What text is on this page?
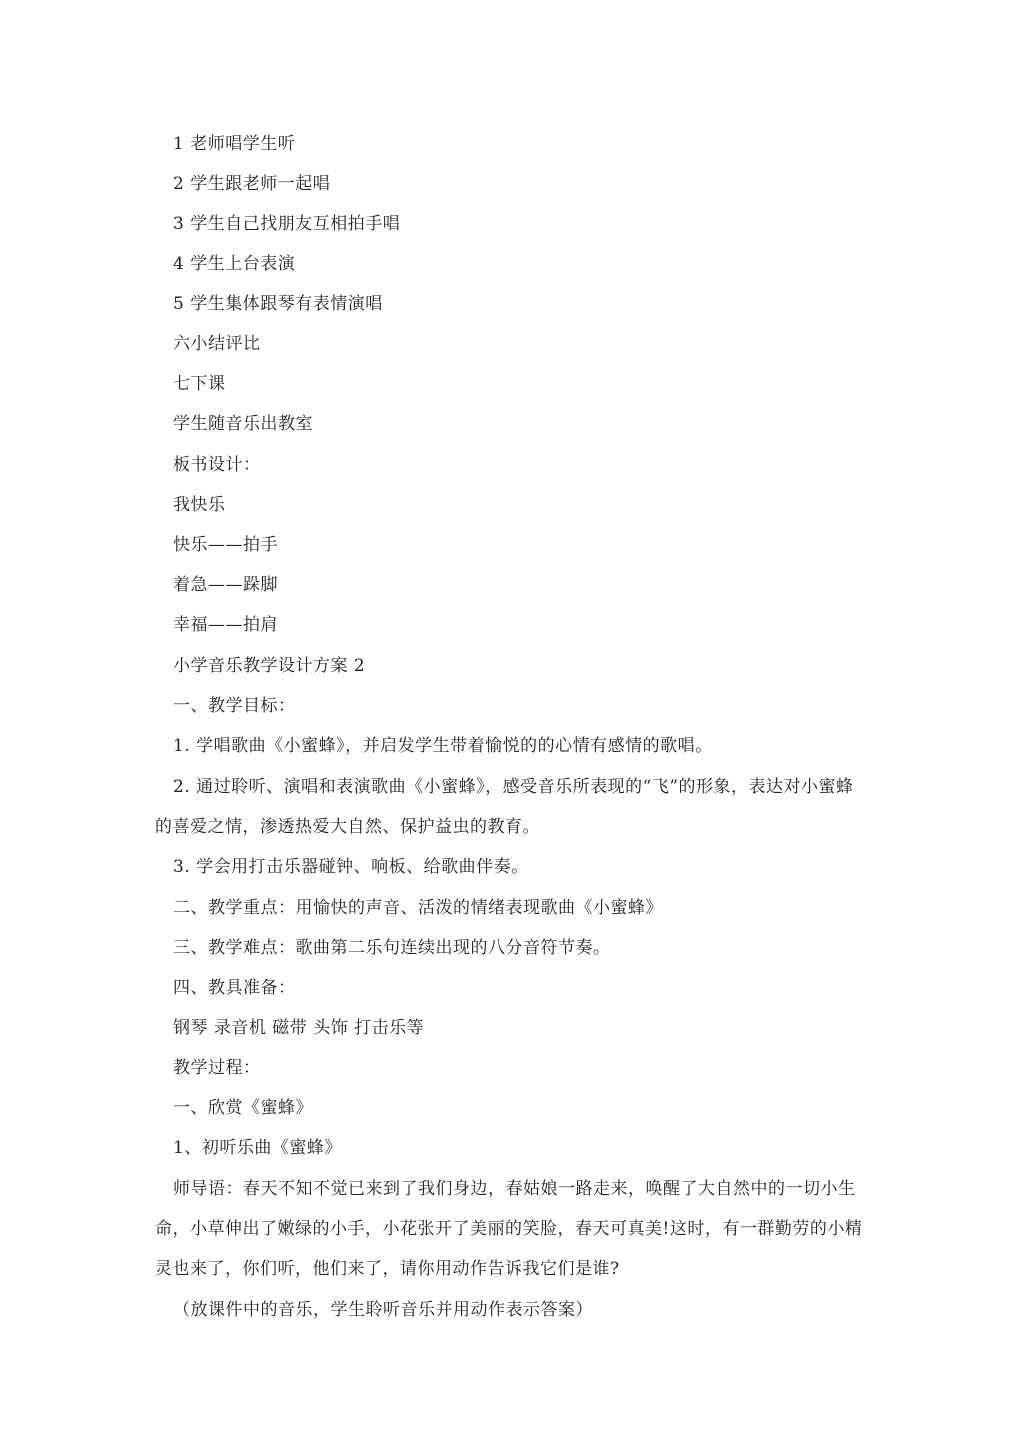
1 老师唱学生听
2 学生跟老师一起唱
3 学生自己找朋友互相拍手唱
4 学生上台表演
5 学生集体跟琴有表情演唱
六小结评比
七下课
学生随音乐出教室
板书设计：
我快乐
快乐——拍手
着急——跺脚
幸福——拍肩
小学音乐教学设计方案 2
一、教学目标：
1. 学唱歌曲《小蜜蜂》，并启发学生带着愉悦的的心情有感情的歌唱。
2. 通过聆听、演唱和表演歌曲《小蜜蜂》，感受音乐所表现的“飞”的形象，表达对小蜜蜂的喜爱之情，渗透热爱大自然、保护益虫的教育。
3. 学会用打击乐器碰钟、响板、给歌曲伴奏。
二、教学重点：用愉快的声音、活泼的情绪表现歌曲《小蜜蜂》
三、教学难点：歌曲第二乐句连续出现的八分音符节奏。
四、教具准备：
钢琴 录音机 磁带 头饰 打击乐等
教学过程：
一、欣赏《蜜蜂》
1、初听乐曲《蜜蜂》
师导语：春天不知不觉已来到了我们身边，春姑娘一路走来，唤醒了大自然中的一切小生命，小草伸出了嫩绿的小手，小花张开了美丽的笑脸，春天可真美!这时，有一群勤劳的小精灵也来了，你们听，他们来了，请你用动作告诉我它们是谁?
（放课件中的音乐，学生聆听音乐并用动作表示答案）
